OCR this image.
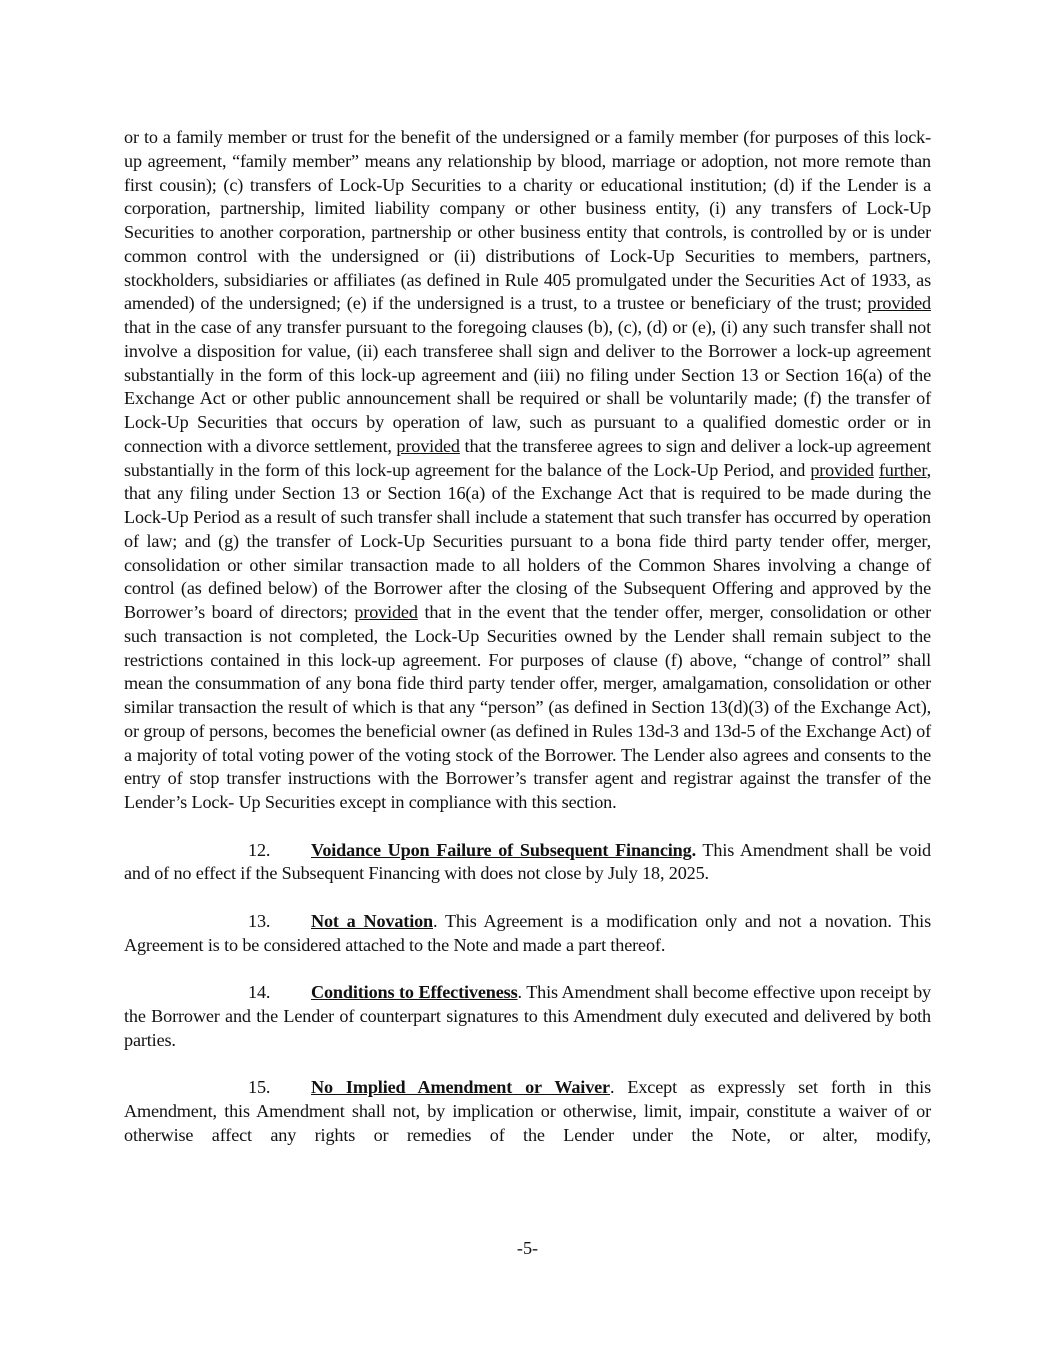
or to a family member or trust for the benefit of the undersigned or a family member (for purposes of this lock-up agreement, “family member” means any relationship by blood, marriage or adoption, not more remote than first cousin); (c) transfers of Lock-Up Securities to a charity or educational institution; (d) if the Lender is a corporation, partnership, limited liability company or other business entity, (i) any transfers of Lock-Up Securities to another corporation, partnership or other business entity that controls, is controlled by or is under common control with the undersigned or (ii) distributions of Lock-Up Securities to members, partners, stockholders, subsidiaries or affiliates (as defined in Rule 405 promulgated under the Securities Act of 1933, as amended) of the undersigned; (e) if the undersigned is a trust, to a trustee or beneficiary of the trust; provided that in the case of any transfer pursuant to the foregoing clauses (b), (c), (d) or (e), (i) any such transfer shall not involve a disposition for value, (ii) each transferee shall sign and deliver to the Borrower a lock-up agreement substantially in the form of this lock-up agreement and (iii) no filing under Section 13 or Section 16(a) of the Exchange Act or other public announcement shall be required or shall be voluntarily made; (f) the transfer of Lock-Up Securities that occurs by operation of law, such as pursuant to a qualified domestic order or in connection with a divorce settlement, provided that the transferee agrees to sign and deliver a lock-up agreement substantially in the form of this lock-up agreement for the balance of the Lock-Up Period, and provided further, that any filing under Section 13 or Section 16(a) of the Exchange Act that is required to be made during the Lock-Up Period as a result of such transfer shall include a statement that such transfer has occurred by operation of law; and (g) the transfer of Lock-Up Securities pursuant to a bona fide third party tender offer, merger, consolidation or other similar transaction made to all holders of the Common Shares involving a change of control (as defined below) of the Borrower after the closing of the Subsequent Offering and approved by the Borrower’s board of directors; provided that in the event that the tender offer, merger, consolidation or other such transaction is not completed, the Lock-Up Securities owned by the Lender shall remain subject to the restrictions contained in this lock-up agreement. For purposes of clause (f) above, “change of control” shall mean the consummation of any bona fide third party tender offer, merger, amalgamation, consolidation or other similar transaction the result of which is that any “person” (as defined in Section 13(d)(3) of the Exchange Act), or group of persons, becomes the beneficial owner (as defined in Rules 13d-3 and 13d-5 of the Exchange Act) of a majority of total voting power of the voting stock of the Borrower. The Lender also agrees and consents to the entry of stop transfer instructions with the Borrower’s transfer agent and registrar against the transfer of the Lender’s Lock- Up Securities except in compliance with this section.

12. Voidance Upon Failure of Subsequent Financing. This Amendment shall be void and of no effect if the Subsequent Financing with does not close by July 18, 2025.

13. Not a Novation. This Agreement is a modification only and not a novation. This Agreement is to be considered attached to the Note and made a part thereof.

14. Conditions to Effectiveness. This Amendment shall become effective upon receipt by the Borrower and the Lender of counterpart signatures to this Amendment duly executed and delivered by both parties.

15. No Implied Amendment or Waiver. Except as expressly set forth in this Amendment, this Amendment shall not, by implication or otherwise, limit, impair, constitute a waiver of or otherwise affect any rights or remedies of the Lender under the Note, or alter, modify,

-5-
